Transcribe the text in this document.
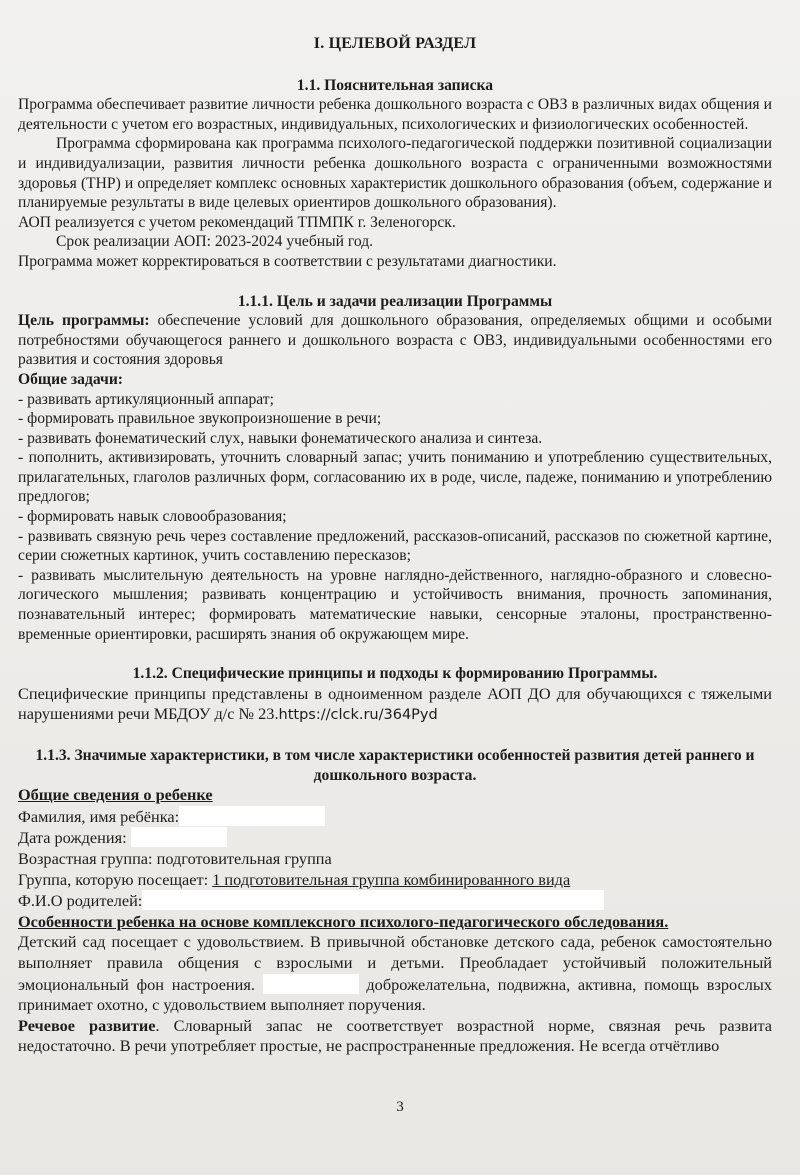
I. ЦЕЛЕВОЙ РАЗДЕЛ

1.1. Пояснительная записка

Программа обеспечивает развитие личности ребенка дошкольного возраста с ОВЗ в различных видах общения и деятельности с учетом его возрастных, индивидуальных, психологических и физиологических особенностей.

Программа сформирована как программа психолого-педагогической поддержки позитивной социализации и индивидуализации, развития личности ребенка дошкольного возраста с ограниченными возможностями здоровья (ТНР) и определяет комплекс основных характеристик дошкольного образования (объем, содержание и планируемые результаты в виде целевых ориентиров дошкольного образования).

АОП реализуется с учетом рекомендаций ТПМПК г. Зеленогорск.

Срок реализации АОП: 2023-2024 учебный год.

Программа может корректироваться в соответствии с результатами диагностики.

1.1.1. Цель и задачи реализации Программы

Цель программы: обеспечение условий для дошкольного образования, определяемых общими и особыми потребностями обучающегося раннего и дошкольного возраста с ОВЗ, индивидуальными особенностями его развития и состояния здоровья

Общие задачи:

- развивать артикуляционный аппарат;

- формировать правильное звукопроизношение в речи;

- развивать фонематический слух, навыки фонематического анализа и синтеза.

- пополнить, активизировать, уточнить словарный запас; учить пониманию и употреблению существительных, прилагательных, глаголов различных форм, согласованию их в роде, числе, падеже, пониманию и употреблению предлогов;

- формировать навык словообразования;

- развивать связную речь через составление предложений, рассказов-описаний, рассказов по сюжетной картине, серии сюжетных картинок, учить составлению пересказов;

- развивать мыслительную деятельность на уровне наглядно-действенного, наглядно-образного и словесно-логического мышления; развивать концентрацию и устойчивость внимания, прочность запоминания, познавательный интерес; формировать математические навыки, сенсорные эталоны, пространственно-временные ориентировки, расширять знания об окружающем мире.

1.1.2. Специфические принципы и подходы к формированию Программы.

Специфические принципы представлены в одноименном разделе АОП ДО для обучающихся с тяжелыми нарушениями речи МБДОУ д/с № 23.https://clck.ru/364Pyd

1.1.3. Значимые характеристики, в том числе характеристики особенностей развития детей раннего и дошкольного возраста.

Общие сведения о ребенке

Фамилия, имя ребёнка:

Дата рождения:

Возрастная группа: подготовительная группа

Группа, которую посещает: 1 подготовительная группа комбинированного вида

Ф.И.О родителей:

Особенности ребенка на основе комплексного психолого-педагогического обследования.

Детский сад посещает с удовольствием. В привычной обстановке детского сада, ребенок самостоятельно выполняет правила общения с взрослыми и детьми. Преобладает устойчивый положительный эмоциональный фон настроения.	доброжелательна, подвижна, активна, помощь взрослых принимает охотно, с удовольствием выполняет поручения.

Речевое развитие. Словарный запас не соответствует возрастной норме, связная речь развита недостаточно. В речи употребляет простые, не распространенные предложения. Не всегда отчётливо

3
